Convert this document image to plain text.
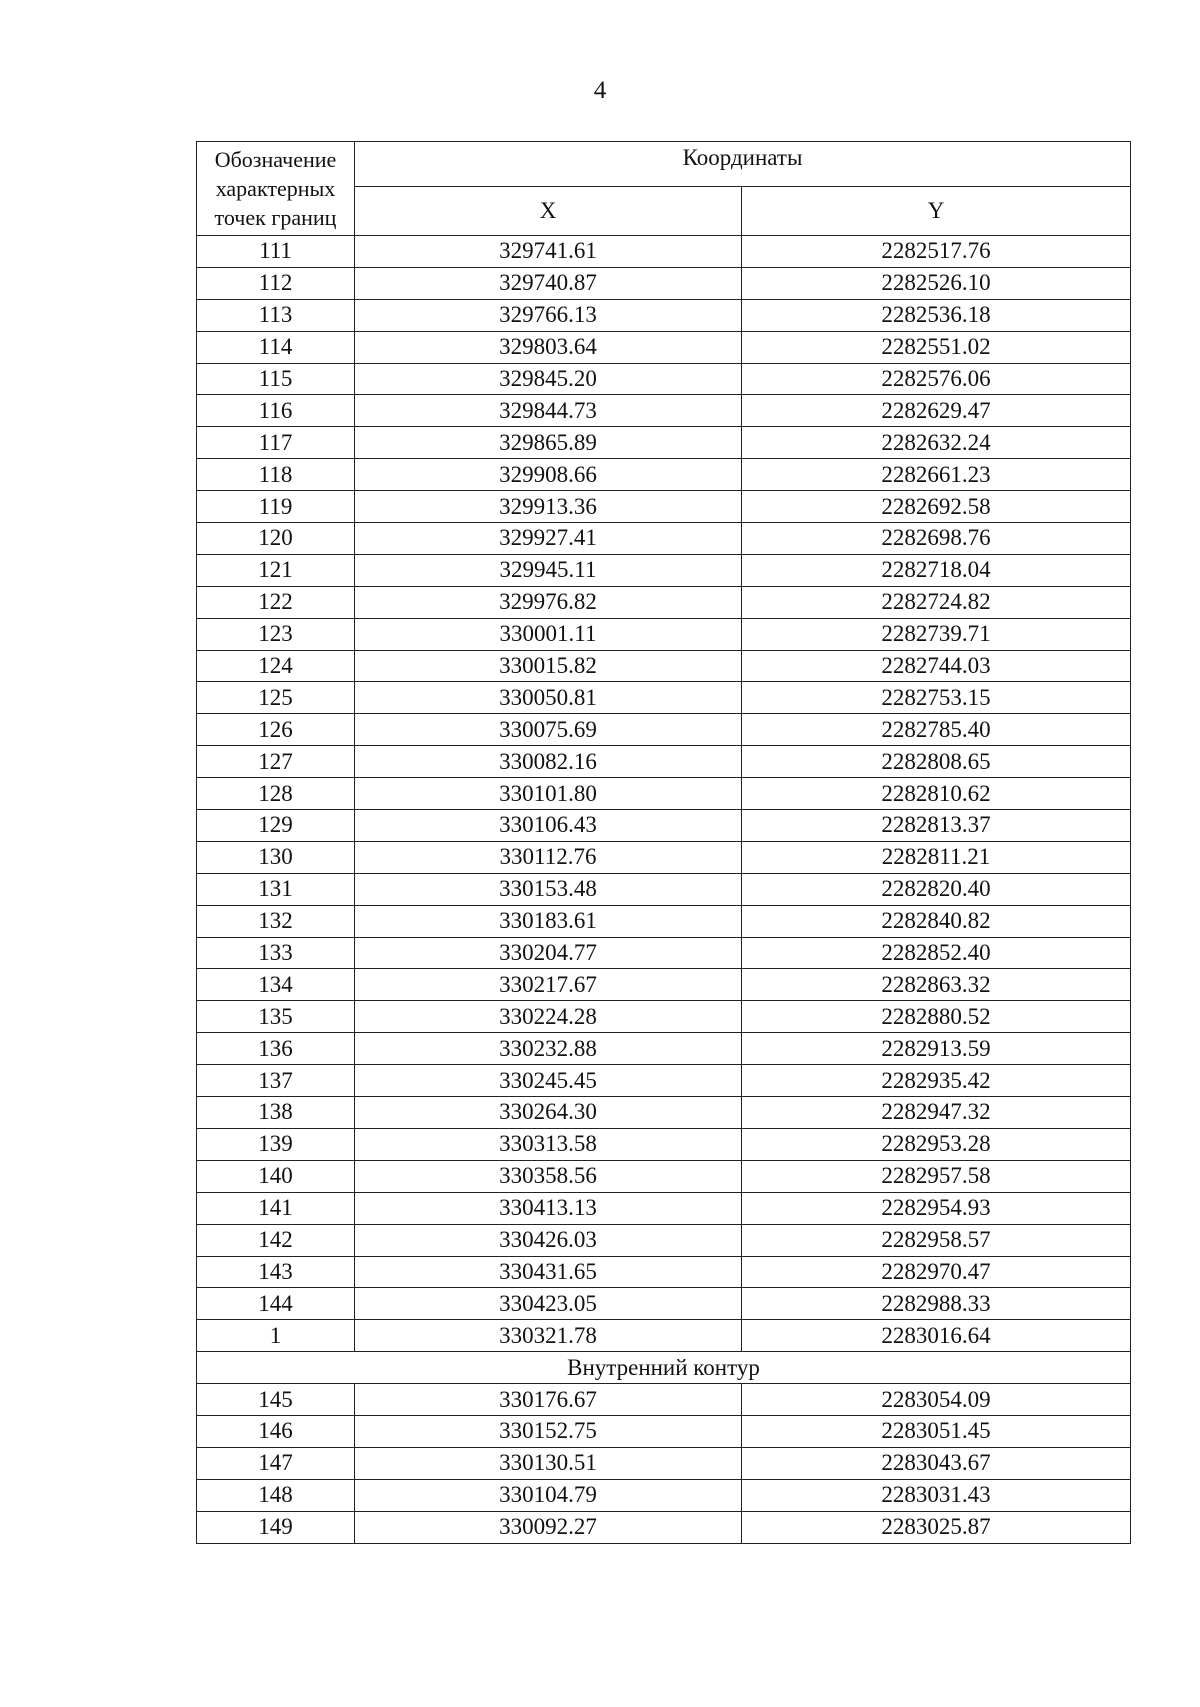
4
Обозначение характерных точек границ	Координаты	
	X	Y
111	329741.61	2282517.76
112	329740.87	2282526.10
113	329766.13	2282536.18
114	329803.64	2282551.02
115	329845.20	2282576.06
116	329844.73	2282629.47
117	329865.89	2282632.24
118	329908.66	2282661.23
119	329913.36	2282692.58
120	329927.41	2282698.76
121	329945.11	2282718.04
122	329976.82	2282724.82
123	330001.11	2282739.71
124	330015.82	2282744.03
125	330050.81	2282753.15
126	330075.69	2282785.40
127	330082.16	2282808.65
128	330101.80	2282810.62
129	330106.43	2282813.37
130	330112.76	2282811.21
131	330153.48	2282820.40
132	330183.61	2282840.82
133	330204.77	2282852.40
134	330217.67	2282863.32
135	330224.28	2282880.52
136	330232.88	2282913.59
137	330245.45	2282935.42
138	330264.30	2282947.32
139	330313.58	2282953.28
140	330358.56	2282957.58
141	330413.13	2282954.93
142	330426.03	2282958.57
143	330431.65	2282970.47
144	330423.05	2282988.33
1	330321.78	2283016.64
Внутренний контур		
145	330176.67	2283054.09
146	330152.75	2283051.45
147	330130.51	2283043.67
148	330104.79	2283031.43
149	330092.27	2283025.87
